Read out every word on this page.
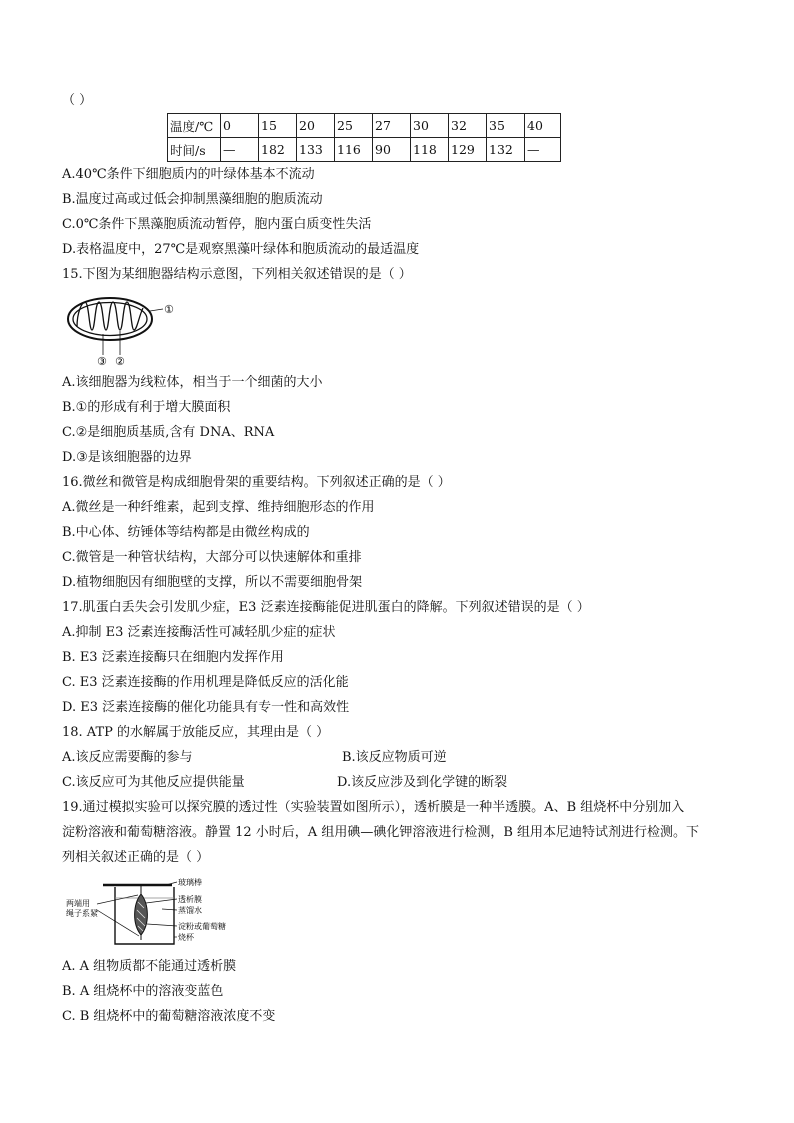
（ ）
温度/℃	0	15	20	25	27	30	32	35	40
时间/s	—	182	133	116	90	118	129	132	—
A.40℃条件下细胞质内的叶绿体基本不流动
B.温度过高或过低会抑制黑藻细胞的胞质流动
C.0℃条件下黑藻胞质流动暂停，胞内蛋白质变性失活
D.表格温度中，27℃是观察黑藻叶绿体和胞质流动的最适温度
15.下图为某细胞器结构示意图，下列相关叙述错误的是（ ）
①
③ ②
A.该细胞器为线粒体，相当于一个细菌的大小
B.①的形成有利于增大膜面积
C.②是细胞质基质,含有 DNA、RNA
D.③是该细胞器的边界
16.微丝和微管是构成细胞骨架的重要结构。下列叙述正确的是（ ）
A.微丝是一种纤维素，起到支撑、维持细胞形态的作用
B.中心体、纺锤体等结构都是由微丝构成的
C.微管是一种管状结构，大部分可以快速解体和重排
D.植物细胞因有细胞壁的支撑，所以不需要细胞骨架
17.肌蛋白丢失会引发肌少症，E3 泛素连接酶能促进肌蛋白的降解。下列叙述错误的是（ ）
A.抑制 E3 泛素连接酶活性可减轻肌少症的症状
B. E3 泛素连接酶只在细胞内发挥作用
C. E3 泛素连接酶的作用机理是降低反应的活化能
D. E3 泛素连接酶的催化功能具有专一性和高效性
18. ATP 的水解属于放能反应，其理由是（ ）
A.该反应需要酶的参与	B.该反应物质可逆
C.该反应可为其他反应提供能量	D.该反应涉及到化学键的断裂
19.通过模拟实验可以探究膜的透过性（实验装置如图所示），透析膜是一种半透膜。A、B 组烧杯中分别加入
淀粉溶液和葡萄糖溶液。静置 12 小时后，A 组用碘—碘化钾溶液进行检测，B 组用本尼迪特试剂进行检测。下
列相关叙述正确的是（ ）
玻璃棒
透析膜
蒸馏水
淀粉或葡萄糖
烧杯
两端用
绳子系紧
A. A 组物质都不能通过透析膜
B. A 组烧杯中的溶液变蓝色
C. B 组烧杯中的葡萄糖溶液浓度不变
